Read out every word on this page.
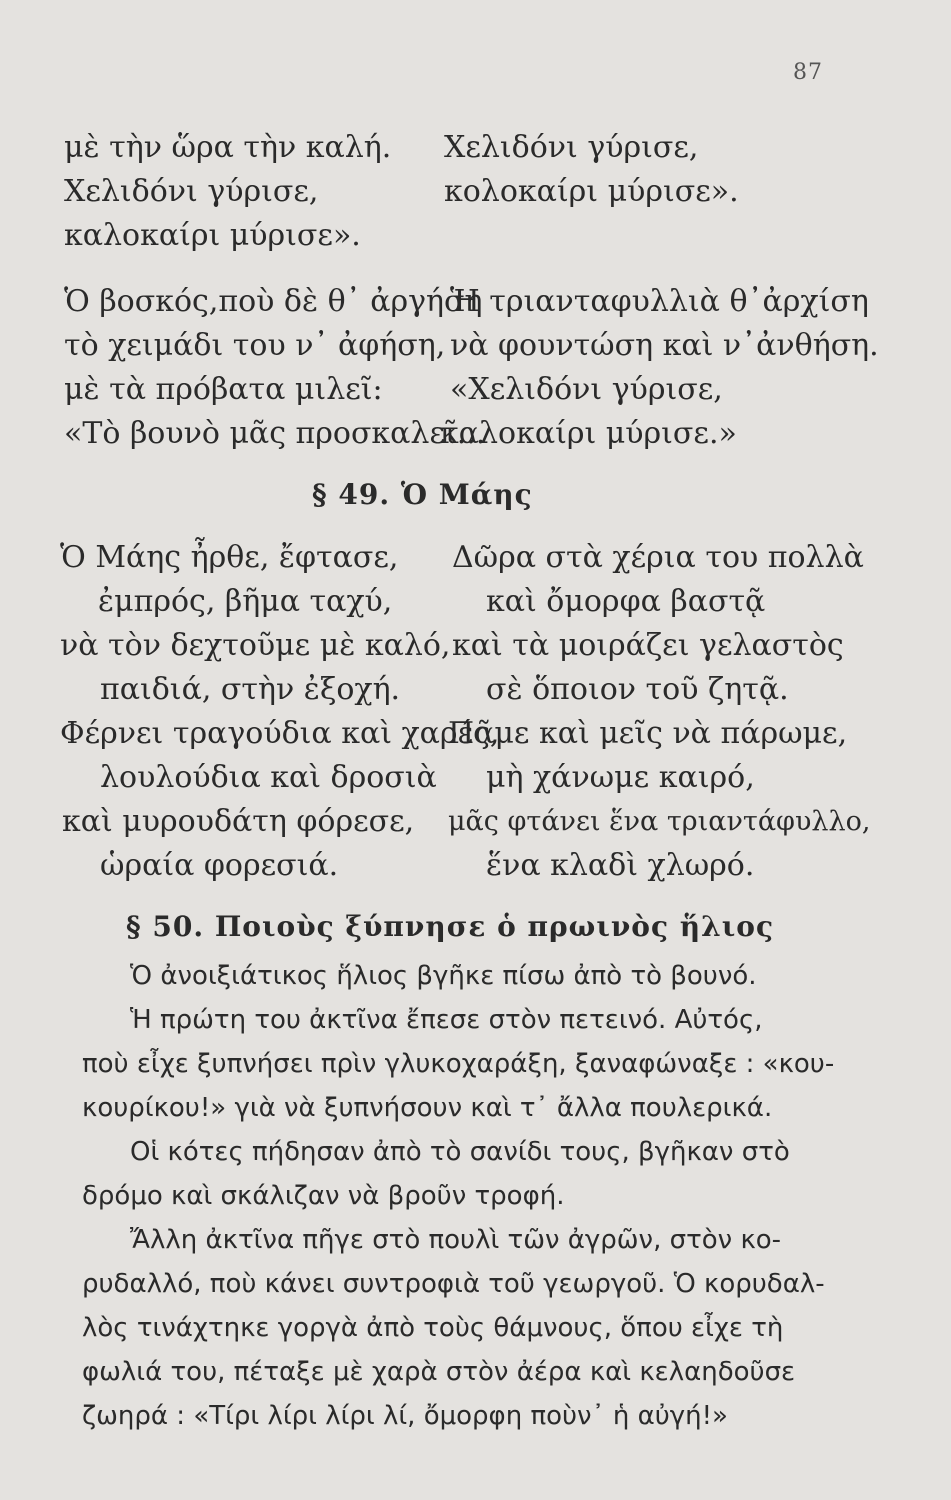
87
μὲ τὴν ὥρα τὴν καλή.
Χελιδόνι γύρισε,
καλοκαίρι μύρισε».
Χελιδόνι γύρισε,
κολοκαίρι μύρισε».
Ὁ βοσκός,ποὺ δὲ θ᾽ ἀργήση
τὸ χειμάδι του ν᾽ ἀφήση,
μὲ τὰ πρόβατα μιλεῖ:
«Τὸ βουνὸ μᾶς προσκαλεῖ...
Ἡ τριανταφυλλιὰ θ᾽ἀρχίση
νὰ φουντώση καὶ ν᾽ἀνθήση.
«Χελιδόνι γύρισε,
καλοκαίρι μύρισε.»
§ 49. Ὁ Μάης
Ὁ Μάης ἦρθε, ἔφτασε,
ἐμπρός, βῆμα ταχύ,
νὰ τὸν δεχτοῦμε μὲ καλό,
παιδιά, στὴν ἐξοχή.
Φέρνει τραγούδια καὶ χαρές,
λουλούδια καὶ δροσιὰ
καὶ μυρουδάτη φόρεσε,
ὡραία φορεσιά.
Δῶρα στὰ χέρια του πολλὰ
καὶ ὄμορφα βαστᾷ
καὶ τὰ μοιράζει γελαστὸς
σὲ ὅποιον τοῦ ζητᾷ.
Πᾶμε καὶ μεῖς νὰ πάρωμε,
μὴ χάνωμε καιρό,
μᾶς φτάνει ἕνα τριαντάφυλλο,
ἕνα κλαδὶ χλωρό.
§ 50. Ποιοὺς ξύπνησε ὁ πρωινὸς ἥλιος
Ὁ ἀνοιξιάτικος ἥλιος βγῆκε πίσω ἀπὸ τὸ βουνό.
Ἡ πρώτη του ἀκτῖνα ἔπεσε στὸν πετεινό. Αὐτός,
ποὺ εἶχε ξυπνήσει πρὶν γλυκοχαράξη, ξαναφώναξε : «κου-
κουρίκου!» γιὰ νὰ ξυπνήσουν καὶ τ᾽ ἄλλα πουλερικά.
Οἱ κότες πήδησαν ἀπὸ τὸ σανίδι τους, βγῆκαν στὸ
δρόμο καὶ σκάλιζαν νὰ βροῦν τροφή.
Ἄλλη ἀκτῖνα πῆγε στὸ πουλὶ τῶν ἀγρῶν, στὸν κο-
ρυδαλλό, ποὺ κάνει συντροφιὰ τοῦ γεωργοῦ. Ὁ κορυδαλ-
λὸς τινάχτηκε γοργὰ ἀπὸ τοὺς θάμνους, ὅπου εἶχε τὴ
φωλιά του, πέταξε μὲ χαρὰ στὸν ἀέρα καὶ κελαηδοῦσε
ζωηρά : «Τίρι λίρι λίρι λί, ὄμορφη ποὺν᾽ ἡ αὐγή!»
